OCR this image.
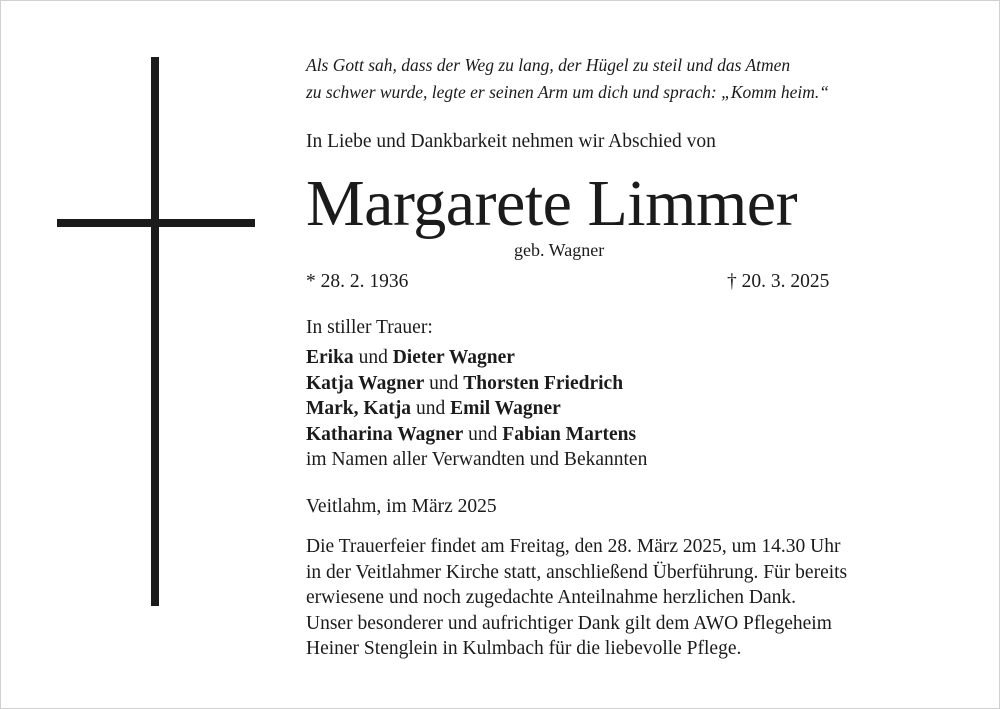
Als Gott sah, dass der Weg zu lang, der Hügel zu steil und das Atmen
zu schwer wurde, legte er seinen Arm um dich und sprach: „Komm heim.“
In Liebe und Dankbarkeit nehmen wir Abschied von
Margarete Limmer
geb. Wagner
* 28. 2. 1936	† 20. 3. 2025
In stiller Trauer:
Erika und Dieter Wagner
Katja Wagner und Thorsten Friedrich
Mark, Katja und Emil Wagner
Katharina Wagner und Fabian Martens
im Namen aller Verwandten und Bekannten
Veitlahm, im März 2025
Die Trauerfeier findet am Freitag, den 28. März 2025, um 14.30 Uhr
in der Veitlahmer Kirche statt, anschließend Überführung. Für bereits
erwiesene und noch zugedachte Anteilnahme herzlichen Dank.
Unser besonderer und aufrichtiger Dank gilt dem AWO Pflegeheim
Heiner Stenglein in Kulmbach für die liebevolle Pflege.
